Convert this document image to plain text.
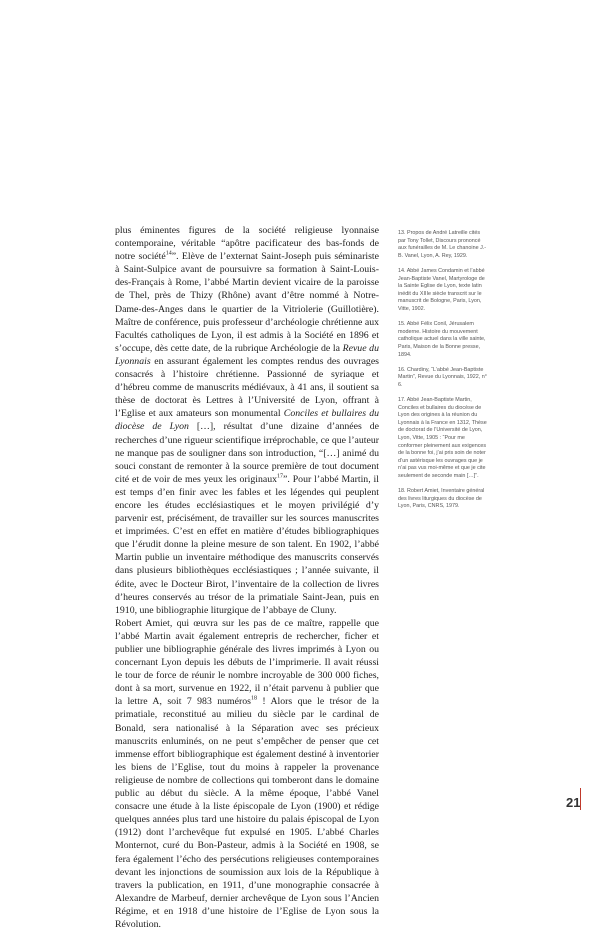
plus éminentes figures de la société religieuse lyonnaise contemporaine, véritable “apôtre pacificateur des bas-fonds de notre société$^{14}$”. Elève de l’externat Saint-Joseph puis séminariste à Saint-Sulpice avant de poursuivre sa formation à Saint-Louis-des-Français à Rome, l’abbé Martin devient vicaire de la paroisse de Thel, près de Thizy (Rhône) avant d’être nommé à Notre-Dame-des-Anges dans le quartier de la Vitriolerie (Guillotière). Maître de conférence, puis professeur d’archéologie chrétienne aux Facultés catholiques de Lyon, il est admis à la Société en 1896 et s’occupe, dès cette date, de la rubrique Archéologie de la Revue du Lyonnais en assurant également les comptes rendus des ouvrages consacrés à l’histoire chrétienne. Passionné de syriaque et d’hébreu comme de manuscrits médiévaux, à 41 ans, il soutient sa thèse de doctorat ès Lettres à l’Université de Lyon, offrant à l’Eglise et aux amateurs son monumental Conciles et bullaires du diocèse de Lyon […], résultat d’une dizaine d’années de recherches d’une rigueur scientifique irréprochable, ce que l’auteur ne manque pas de souligner dans son introduction, “[…] animé du souci constant de remonter à la source première de tout document cité et de voir de mes yeux les originaux$^{17}$”. Pour l’abbé Martin, il est temps d’en finir avec les fables et les légendes qui peuplent encore les études ecclésiastiques et le moyen privilégié d’y parvenir est, précisément, de travailler sur les sources manuscrites et imprimées. C’est en effet en matière d’études bibliographiques que l’érudit donne la pleine mesure de son talent. En 1902, l’abbé Martin publie un inventaire méthodique des manuscrits conservés dans plusieurs bibliothèques ecclésiastiques ; l’année suivante, il édite, avec le Docteur Birot, l’inventaire de la collection de livres d’heures conservés au trésor de la primatiale Saint-Jean, puis en 1910, une bibliographie liturgique de l’abbaye de Cluny.

Robert Amiet, qui œuvra sur les pas de ce maître, rappelle que l’abbé Martin avait également entrepris de rechercher, ficher et publier une bibliographie générale des livres imprimés à Lyon ou concernant Lyon depuis les débuts de l’imprimerie. Il avait réussi le tour de force de réunir le nombre incroyable de 300 000 fiches, dont à sa mort, survenue en 1922, il n’était parvenu à publier que la lettre A, soit 7 983 numéros$^{18}$ ! Alors que le trésor de la primatiale, reconstitué au milieu du siècle par le cardinal de Bonald, sera nationalisé à la Séparation avec ses précieux manuscrits enluminés, on ne peut s’empêcher de penser que cet immense effort bibliographique est également destiné à inventorier les biens de l’Eglise, tout du moins à rappeler la provenance religieuse de nombre de collections qui tomberont dans le domaine public au début du siècle. A la même époque, l’abbé Vanel consacre une étude à la liste épiscopale de Lyon (1900) et rédige quelques années plus tard une histoire du palais épiscopal de Lyon (1912) dont l’archevêque fut expulsé en 1905. L’abbé Charles Monternot, curé du Bon-Pasteur, admis à la Société en 1908, se fera également l’écho des persécutions religieuses contemporaines devant les injonctions de soumission aux lois de la République à travers la publication, en 1911, d’une monographie consacrée à Alexandre de Marbeuf, dernier archevêque de Lyon sous l’Ancien Régime, et en 1918 d’une histoire de l’Eglise de Lyon sous la Révolution.

13. Propos de André Latreille cités par Tony Tollet, Discours prononcé aux funérailles de M. Le chanoine J.-B. Vanel, Lyon, A. Rey, 1929.
14.Abbé James Condamin et l’abbé Jean-Baptiste Vanel, Martyrologe de la Sainte Eglise de Lyon, texte latin inédit du XIIIe siècle transcrit sur le manuscrit de Bologne, Paris, Lyon, Vitte, 1902.
15.Abbé Félix Conil, Jérusalem moderne. Histoire du mouvement catholique actuel dans la ville sainte, Paris, Maison de la Bonne presse, 1894.
16. Chardiny, “L’abbé Jean-Baptiste Martin”, Revue du Lyonnais, 1922, n° 6.
17.Abbé Jean-Baptiste Martin, Conciles et bullaires du diocèse de Lyon des origines à la réunion du Lyonnais à la France en 1312, Thèse de doctorat de l’Université de Lyon, Lyon, Vitte, 1905 : “Pour me conformer pleinement aux exigences de la bonne foi, j’ai pris soin de noter d’un astérisque les ouvrages que je n’ai pas vus moi-même et que je cite seulement de seconde main […]”.
18. Robert Amiet, Inventaire général des livres liturgiques du diocèse de Lyon, Paris, CNRS, 1979.
21
